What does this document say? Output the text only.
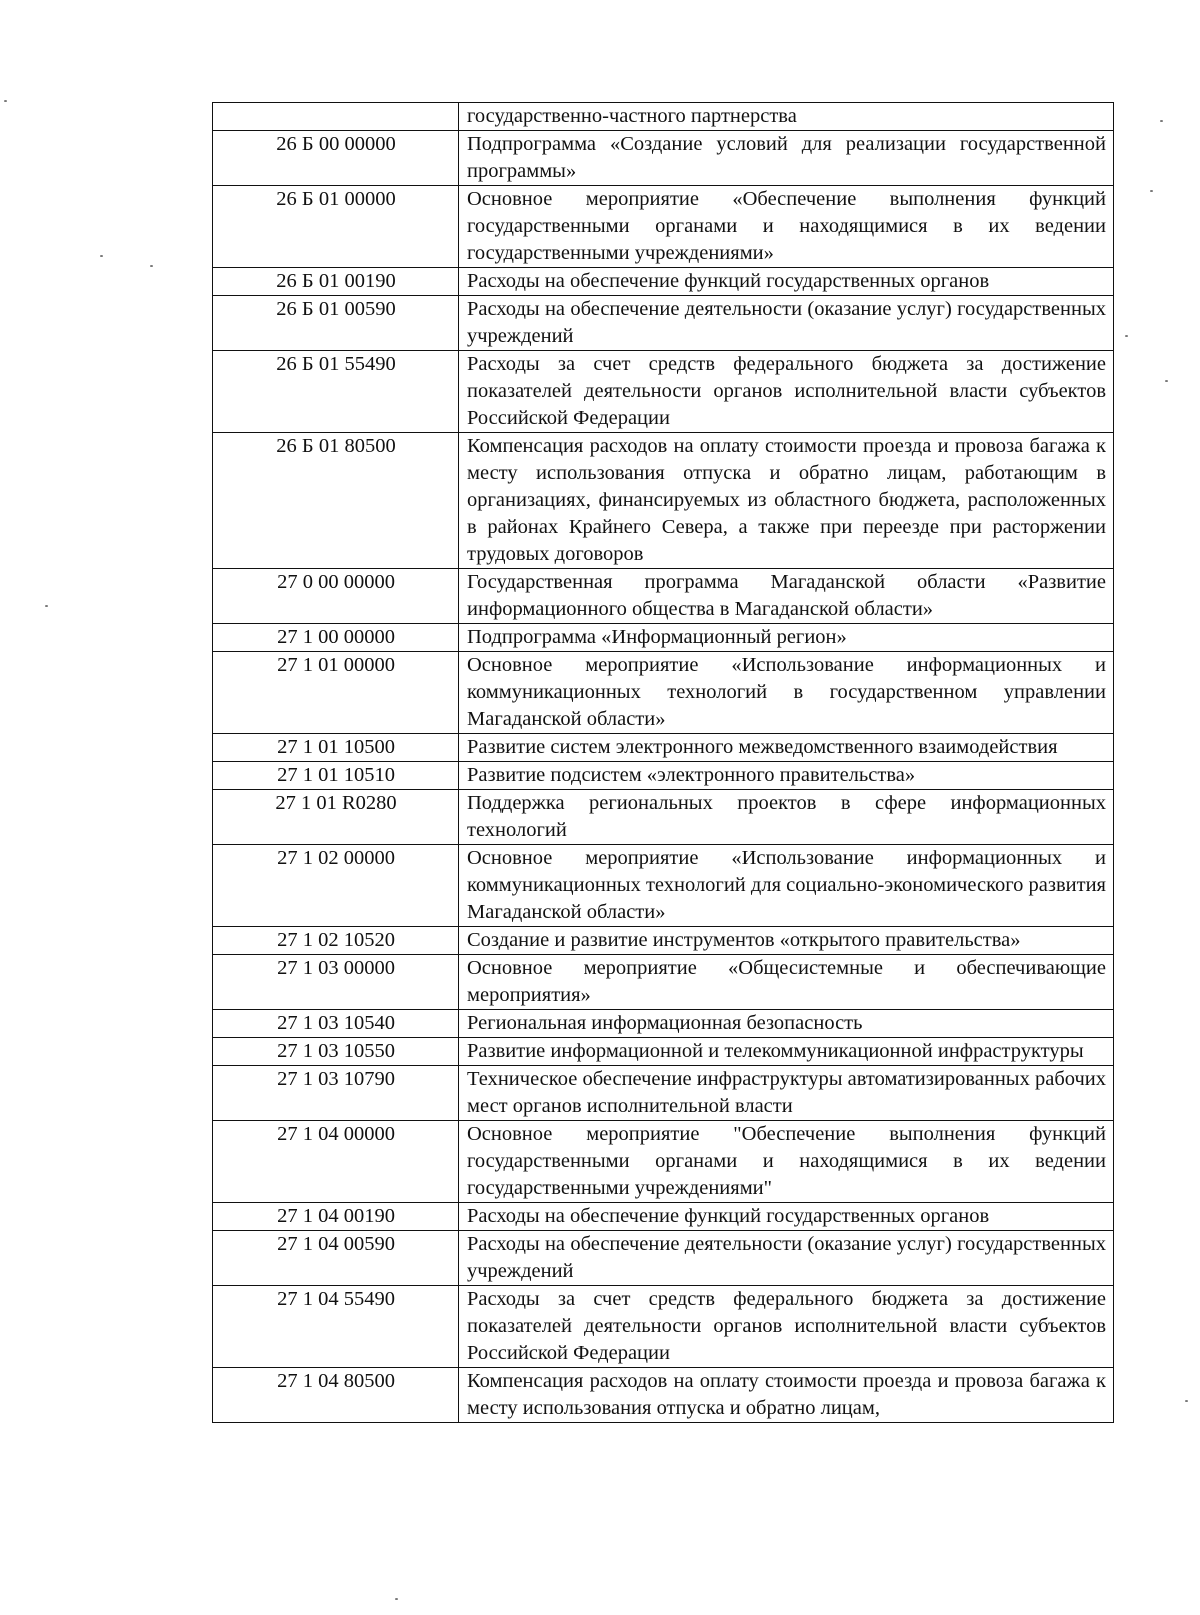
	государственно-частного партнерства
26 Б 00 00000	Подпрограмма «Создание условий для реализации государственной программы»
26 Б 01 00000	Основное мероприятие «Обеспечение выполнения функций государственными органами и находящимися в их ведении государственными учреждениями»
26 Б 01 00190	Расходы на обеспечение функций государственных органов
26 Б 01 00590	Расходы на обеспечение деятельности (оказание услуг) государственных учреждений
26 Б 01 55490	Расходы за счет средств федерального бюджета за достижение показателей деятельности органов исполнительной власти субъектов Российской Федерации
26 Б 01 80500	Компенсация расходов на оплату стоимости проезда и провоза багажа к месту использования отпуска и обратно лицам, работающим в организациях, финансируемых из областного бюджета, расположенных в районах Крайнего Севера, а также при переезде при расторжении трудовых договоров
27 0 00 00000	Государственная программа Магаданской области «Развитие информационного общества в Магаданской области»
27 1 00 00000	Подпрограмма «Информационный регион»
27 1 01 00000	Основное мероприятие «Использование информационных и коммуникационных технологий в государственном управлении Магаданской области»
27 1 01 10500	Развитие систем электронного межведомственного взаимодействия
27 1 01 10510	Развитие подсистем «электронного правительства»
27 1 01 R0280	Поддержка региональных проектов в сфере информационных технологий
27 1 02 00000	Основное мероприятие «Использование информационных и коммуникационных технологий для социально-экономического развития Магаданской области»
27 1 02 10520	Создание и развитие инструментов «открытого правительства»
27 1 03 00000	Основное мероприятие «Общесистемные и обеспечивающие мероприятия»
27 1 03 10540	Региональная информационная безопасность
27 1 03 10550	Развитие информационной и телекоммуникационной инфраструктуры
27 1 03 10790	Техническое обеспечение инфраструктуры автоматизированных рабочих мест органов исполнительной власти
27 1 04 00000	Основное мероприятие "Обеспечение выполнения функций государственными органами и находящимися в их ведении государственными учреждениями"
27 1 04 00190	Расходы на обеспечение функций государственных органов
27 1 04 00590	Расходы на обеспечение деятельности (оказание услуг) государственных учреждений
27 1 04 55490	Расходы за счет средств федерального бюджета за достижение показателей деятельности органов исполнительной власти субъектов Российской Федерации
27 1 04 80500	Компенсация расходов на оплату стоимости проезда и провоза багажа к месту использования отпуска и обратно лицам,
